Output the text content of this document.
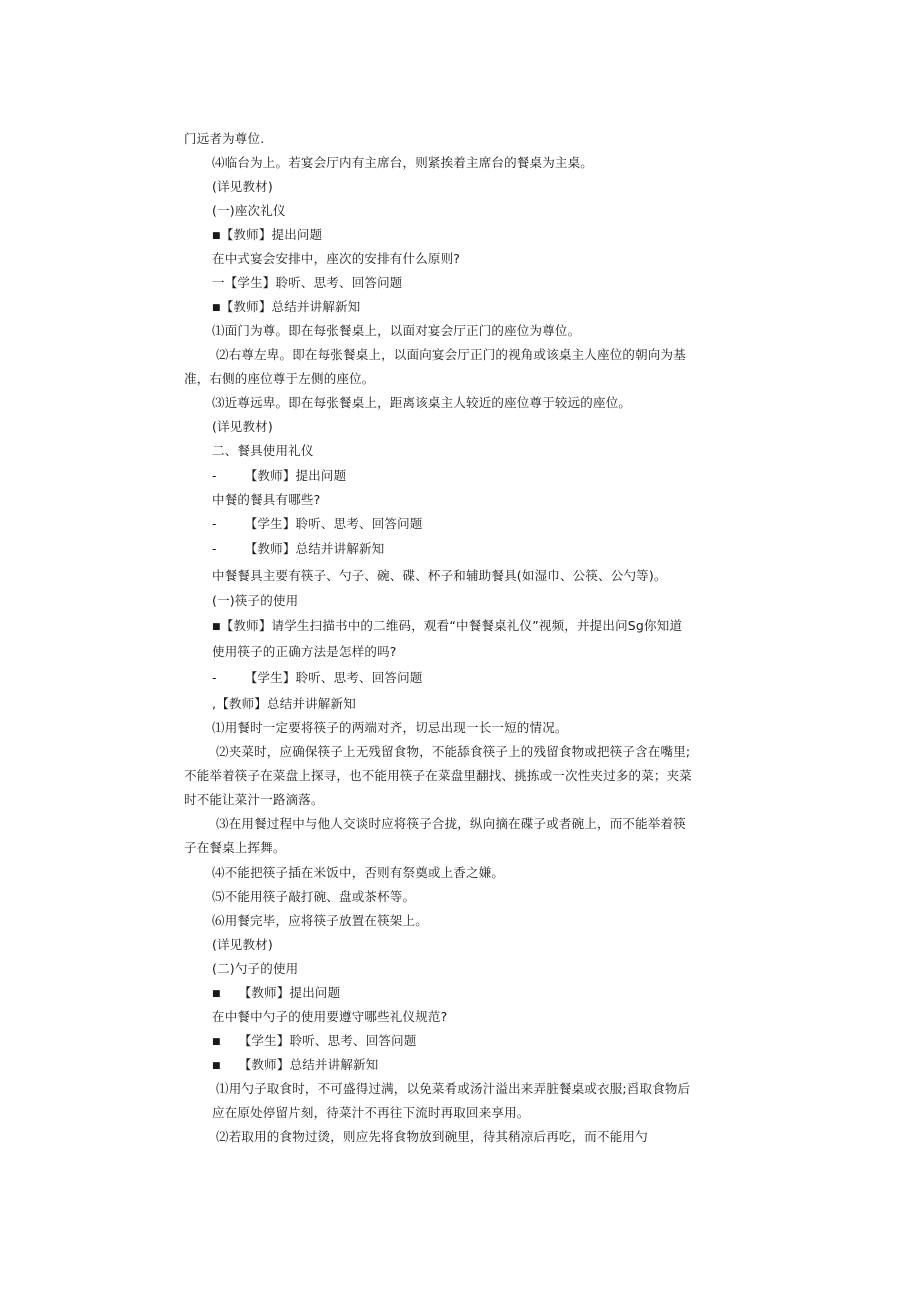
门远者为尊位.
⑷临台为上。若宴会厅内有主席台，则紧挨着主席台的餐桌为主桌。
(详见教材)
(一)座次礼仪
■【教师】提出问题
在中式宴会安排中，座次的安排有什么原则?
一【学生】聆听、思考、回答问题
■【教师】总结并讲解新知
⑴面门为尊。即在每张餐桌上，以面对宴会厅正门的座位为尊位。
⑵右尊左卑。即在每张餐桌上，以面向宴会厅正门的视角或该桌主人座位的朝向为基
准，右侧的座位尊于左侧的座位。
⑶近尊远卑。即在每张餐桌上，距离该桌主人较近的座位尊于较远的座位。
(详见教材)
二、餐具使用礼仪
- 【教师】提出问题
中餐的餐具有哪些?
- 【学生】聆听、思考、回答问题
- 【教师】总结并讲解新知
中餐餐具主要有筷子、勺子、碗、碟、杯子和辅助餐具(如湿巾、公筷、公勺等)。
(一)筷子的使用
■【教师】请学生扫描书中的二维码，观看“中餐餐桌礼仪”视频，并提出问Sg你知道
使用筷子的正确方法是怎样的吗?
- 【学生】聆听、思考、回答问题
,【教师】总结并讲解新知
⑴用餐时一定要将筷子的两端对齐，切忌出现一长一短的情况。
⑵夹菜时，应确保筷子上无残留食物，不能舔食筷子上的残留食物或把筷子含在嘴里;
不能举着筷子在菜盘上探寻，也不能用筷子在菜盘里翻找、挑拣或一次性夹过多的菜；夹菜
时不能让菜汁一路滴落。
⑶在用餐过程中与他人交谈时应将筷子合拢，纵向摘在碟子或者碗上，而不能举着筷
子在餐桌上挥舞。
⑷不能把筷子插在米饭中，否则有祭奠或上香之嫌。
⑸不能用筷子敲打碗、盘或茶杯等。
⑹用餐完毕，应将筷子放置在筷架上。
(详见教材)
(二)勺子的使用
■ 【教师】提出问题
在中餐中勺子的使用要遵守哪些礼仪规范?
■ 【学生】聆听、思考、回答问题
■ 【教师】总结并讲解新知
⑴用勺子取食时，不可盛得过满，以免菜肴或汤汁溢出来弄脏餐桌或衣服;舀取食物后
应在原处停留片刻，待菜汁不再往下流时再取回来享用。
⑵若取用的食物过烫，则应先将食物放到碗里，待其稍凉后再吃，而不能用勺
